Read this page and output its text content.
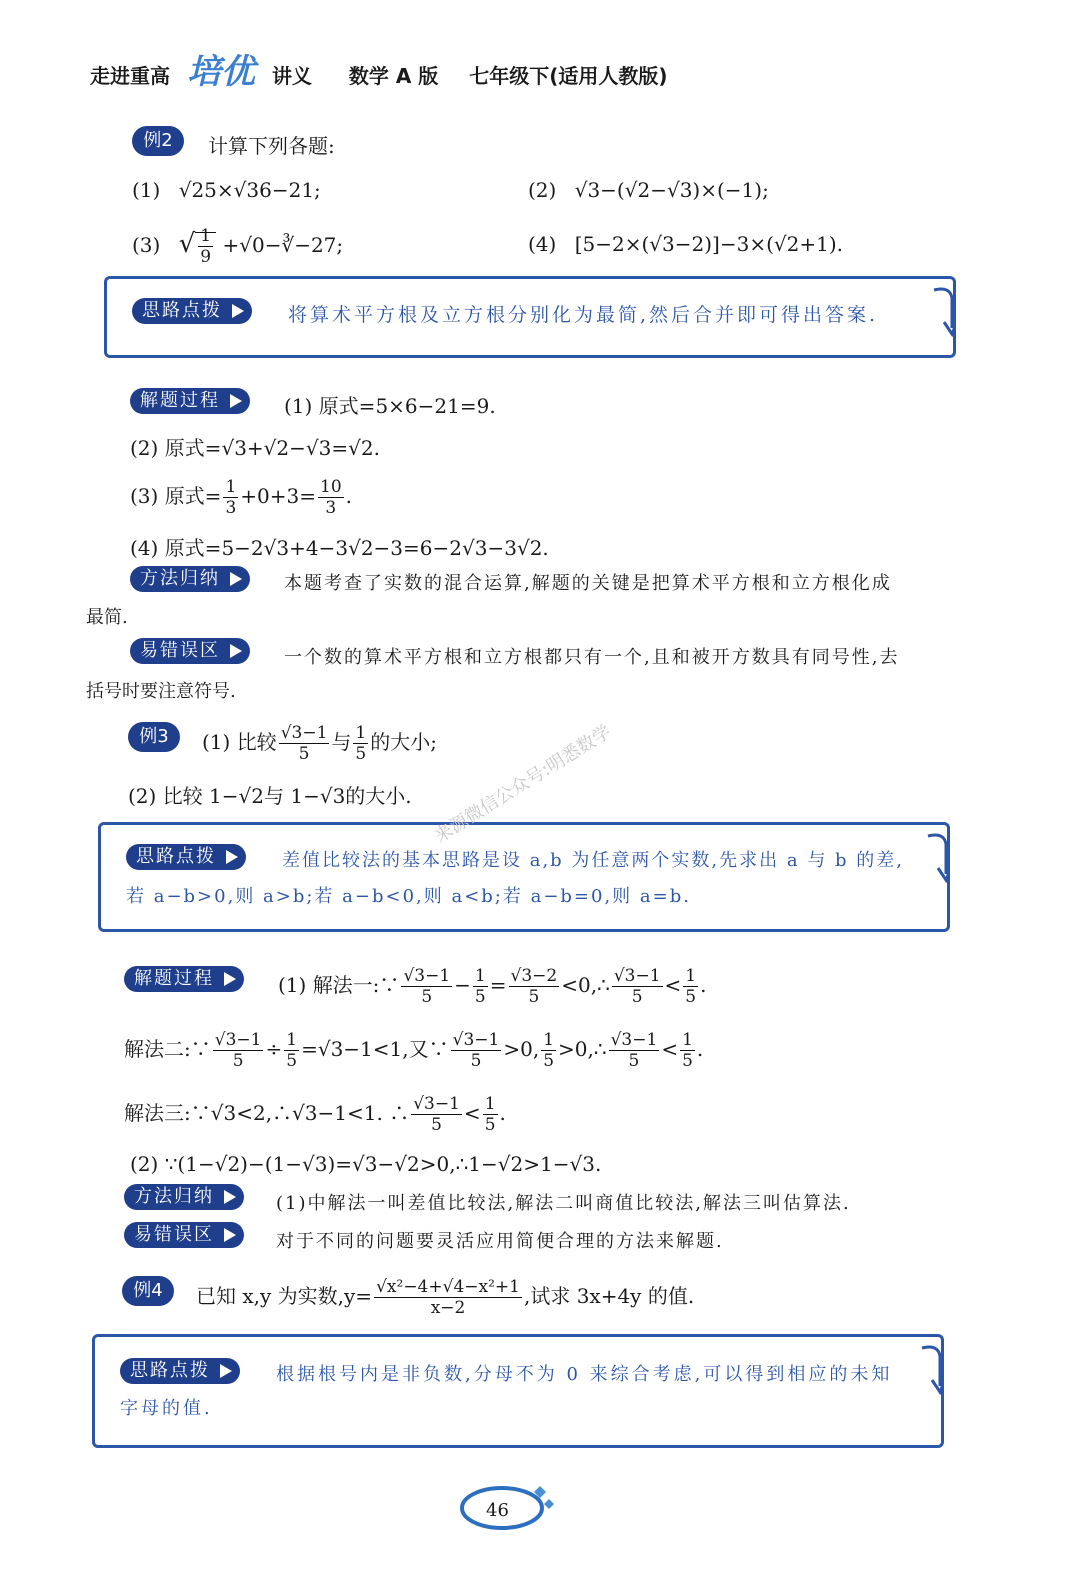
走进重高 培优 讲义 数学 A 版 七年级下(适用人教版)
例2	计算下列各题:
(1) √25×√36−21;	(2) √3−(√2−√3)×(−1);
(3) √ $\frac{1}{9}$ +√0−∛−27;	(4) [5−2×(√3−2)]−3×(√2+1).
思路点拨	将算术平方根及立方根分别化为最简,然后合并即可得出答案.
解题过程	(1) 原式=5×6−21=9.
(2) 原式=√3+√2−√3=√2.
(3) 原式= $\frac{1}{3} +0+3= \frac{10}{3}$ .
(4) 原式=5−2√3+4−3√2−3=6−2√3−3√2.
方法归纳	本题考查了实数的混合运算,解题的关键是把算术平方根和立方根化成
最简.
易错误区	一个数的算术平方根和立方根都只有一个,且和被开方数具有同号性,去
括号时要注意符号.
例3	(1) 比较 $\frac{√3-1}{5}$ 与 $\frac{1}{5}$ 的大小;
(2) 比较 1−√2与 1−√3的大小.
思路点拨	差值比较法的基本思路是设 a,b 为任意两个实数,先求出 a 与 b 的差,
若 a−b>0,则 a>b;若 a−b<0,则 a<b;若 a−b=0,则 a=b.
解题过程	(1) 解法一:∵ $\frac{√3-1}{5} - \frac{1}{5} = \frac{√3-2}{5}$ <0,∴ $\frac{√3-1}{5} < \frac{1}{5}$ .
解法二:∵ $\frac{√3-1}{5} \div \frac{1}{5} =√3-1<1$,又∵ $\frac{√3-1}{5} >0$, $\frac{1}{5}$ >0,∴ $\frac{√3-1}{5} < \frac{1}{5}$ .
解法三:∵√3<2,∴√3−1<1. ∴ $\frac{√3-1}{5} < \frac{1}{5}$ .
(2) ∵(1−√2)−(1−√3)=√3−√2>0,∴1−√2>1−√3.
方法归纳	(1)中解法一叫差值比较法,解法二叫商值比较法,解法三叫估算法.
易错误区	对于不同的问题要灵活应用简便合理的方法来解题.
例4	已知 x,y 为实数$,y= \frac{\text{√x²−4+√4−x²+1}}{x-2}$ ,试求 3x+4y 的值.
思路点拨	根据根号内是非负数,分母不为 0 来综合考虑,可以得到相应的未知
字母的值.
来源微信公众号:明悉数学
46
